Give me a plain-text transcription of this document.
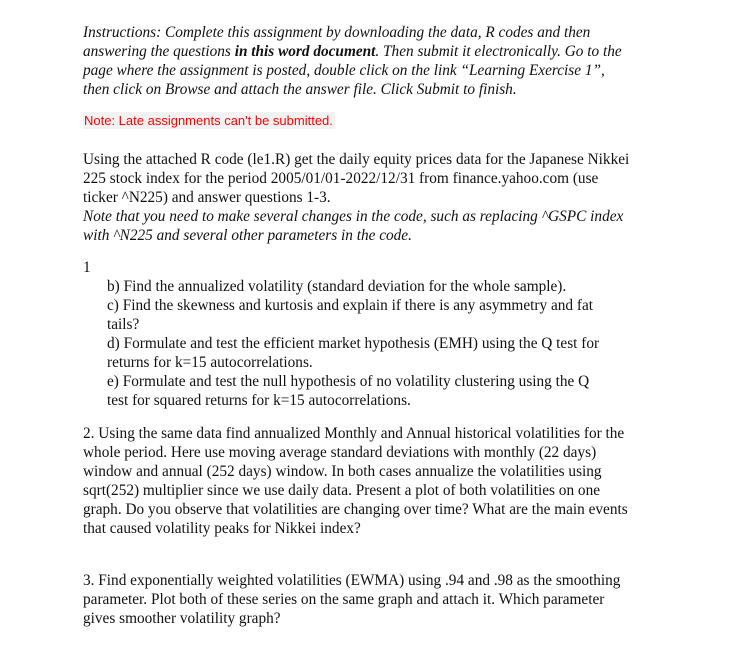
Instructions: Complete this assignment by downloading the data, R codes and then
answering the questions in this word document. Then submit it electronically. Go to the
page where the assignment is posted, double click on the link “Learning Exercise 1”,
then click on Browse and attach the answer file. Click Submit to finish.
Note: Late assignments can't be submitted.
Using the attached R code (le1.R) get the daily equity prices data for the Japanese Nikkei
225 stock index for the period 2005/01/01-2022/12/31 from finance.yahoo.com (use
ticker ^N225) and answer questions 1-3.
Note that you need to make several changes in the code, such as replacing ^GSPC index
with ^N225 and several other parameters in the code.
1
b) Find the annualized volatility (standard deviation for the whole sample).
c) Find the skewness and kurtosis and explain if there is any asymmetry and fat
tails?
d) Formulate and test the efficient market hypothesis (EMH) using the Q test for
returns for k=15 autocorrelations.
e) Formulate and test the null hypothesis of no volatility clustering using the Q
test for squared returns for k=15 autocorrelations.
2. Using the same data find annualized Monthly and Annual historical volatilities for the
whole period. Here use moving average standard deviations with monthly (22 days)
window and annual (252 days) window. In both cases annualize the volatilities using
sqrt(252) multiplier since we use daily data. Present a plot of both volatilities on one
graph. Do you observe that volatilities are changing over time? What are the main events
that caused volatility peaks for Nikkei index?
3. Find exponentially weighted volatilities (EWMA) using .94 and .98 as the smoothing
parameter. Plot both of these series on the same graph and attach it. Which parameter
gives smoother volatility graph?
